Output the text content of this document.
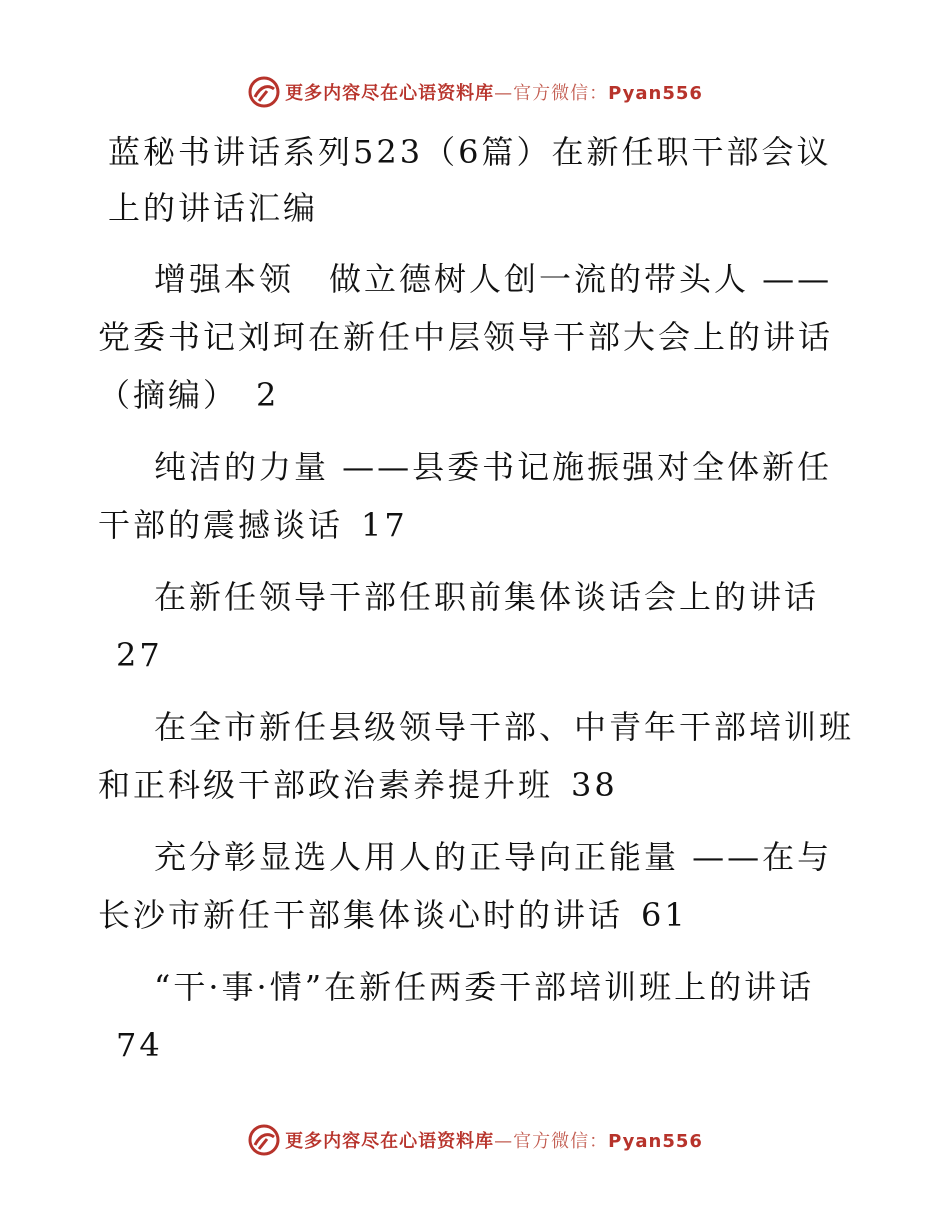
更多内容尽在心语资料库—官方微信：Pyan556
蓝秘书讲话系列523（6篇）在新任职干部会议上的讲话汇编
增强本领　做立德树人创一流的带头人 ——党委书记刘珂在新任中层领导干部大会上的讲话（摘编） 2
纯洁的力量 ——县委书记施振强对全体新任干部的震撼谈话 17
在新任领导干部任职前集体谈话会上的讲话27
在全市新任县级领导干部、中青年干部培训班和正科级干部政治素养提升班 38
充分彰显选人用人的正导向正能量 ——在与长沙市新任干部集体谈心时的讲话 61
“干·事·情”在新任两委干部培训班上的讲话74
更多内容尽在心语资料库—官方微信：Pyan556
